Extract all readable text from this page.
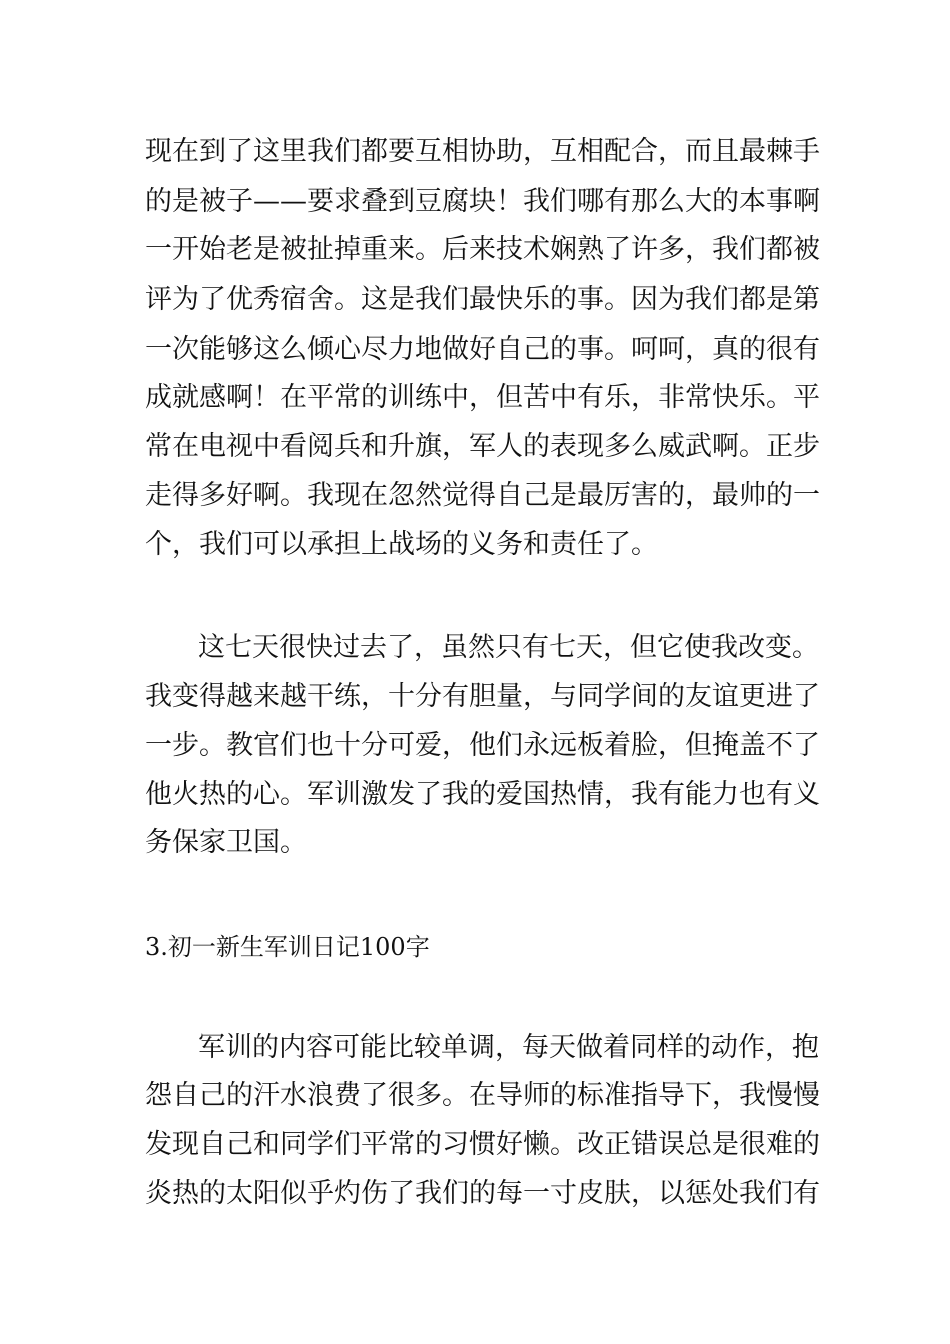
现在到了这里我们都要互相协助，互相配合，而且最棘手
的是被子——要求叠到豆腐块！我们哪有那么大的本事啊
一开始老是被扯掉重来。后来技术娴熟了许多，我们都被
评为了优秀宿舍。这是我们最快乐的事。因为我们都是第
一次能够这么倾心尽力地做好自己的事。呵呵，真的很有
成就感啊！在平常的训练中，但苦中有乐，非常快乐。平
常在电视中看阅兵和升旗，军人的表现多么威武啊。正步
走得多好啊。我现在忽然觉得自己是最厉害的，最帅的一
个，我们可以承担上战场的义务和责任了。
这七天很快过去了，虽然只有七天，但它使我改变。
我变得越来越干练，十分有胆量，与同学间的友谊更进了
一步。教官们也十分可爱，他们永远板着脸，但掩盖不了
他火热的心。军训激发了我的爱国热情，我有能力也有义
务保家卫国。
3.初一新生军训日记100字
军训的内容可能比较单调，每天做着同样的动作，抱
怨自己的汗水浪费了很多。在导师的标准指导下，我慢慢
发现自己和同学们平常的习惯好懒。改正错误总是很难的
炎热的太阳似乎灼伤了我们的每一寸皮肤，以惩处我们有
